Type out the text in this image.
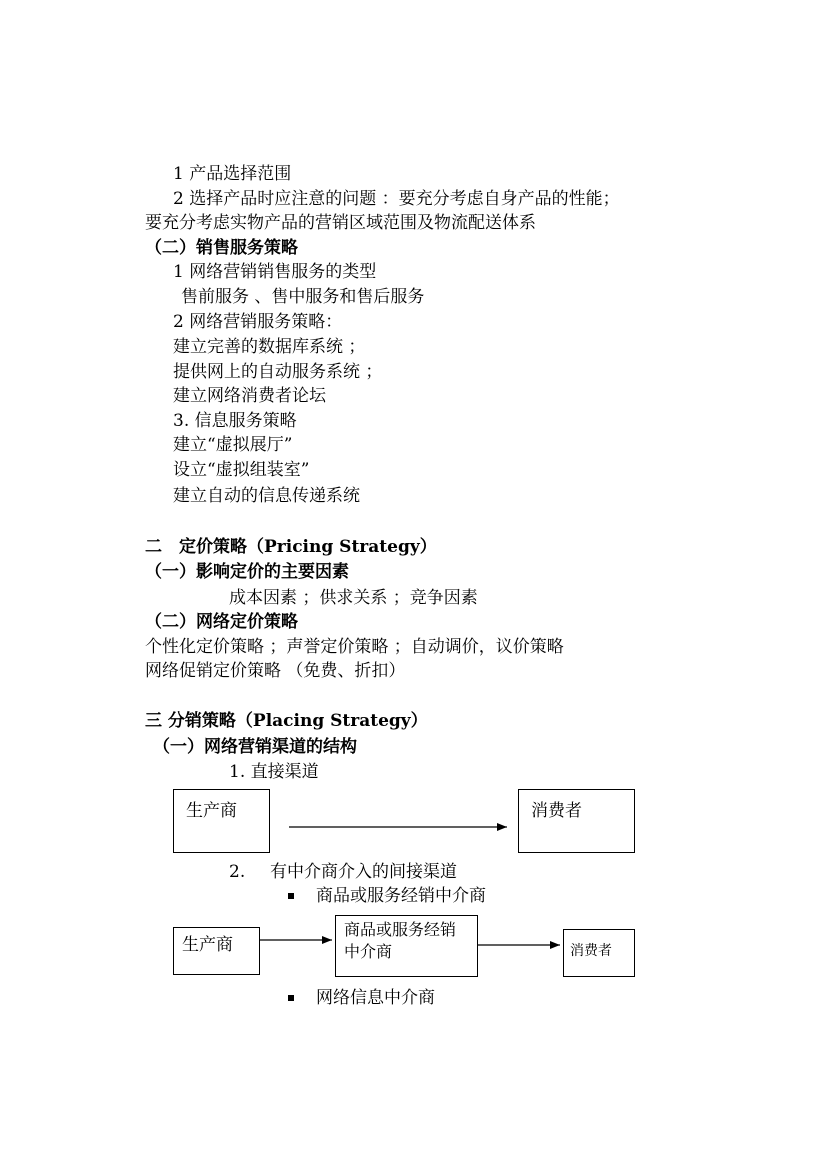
1 产品选择范围
2 选择产品时应注意的问题 ：要充分考虑自身产品的性能；
要充分考虑实物产品的营销区域范围及物流配送体系
（二）销售服务策略
1 网络营销销售服务的类型
售前服务 、售中服务和售后服务
2 网络营销服务策略：
建立完善的数据库系统 ；
提供网上的自动服务系统 ；
建立网络消费者论坛
3. 信息服务策略
建立“虚拟展厅”
设立“虚拟组装室”
建立自动的信息传递系统
二　定价策略（Pricing Strategy）
（一）影响定价的主要因素
成本因素 ；供求关系 ；竞争因素
（二）网络定价策略
个性化定价策略 ；声誉定价策略 ；自动调价，议价策略
网络促销定价策略 （免费、折扣）
三 分销策略（Placing Strategy）
（一）网络营销渠道的结构
1. 直接渠道
生产商	消费者
2. 有中介商介入的间接渠道
商品或服务经销中介商
生产商
商品或服务经销
中介商	消费者
网络信息中介商
